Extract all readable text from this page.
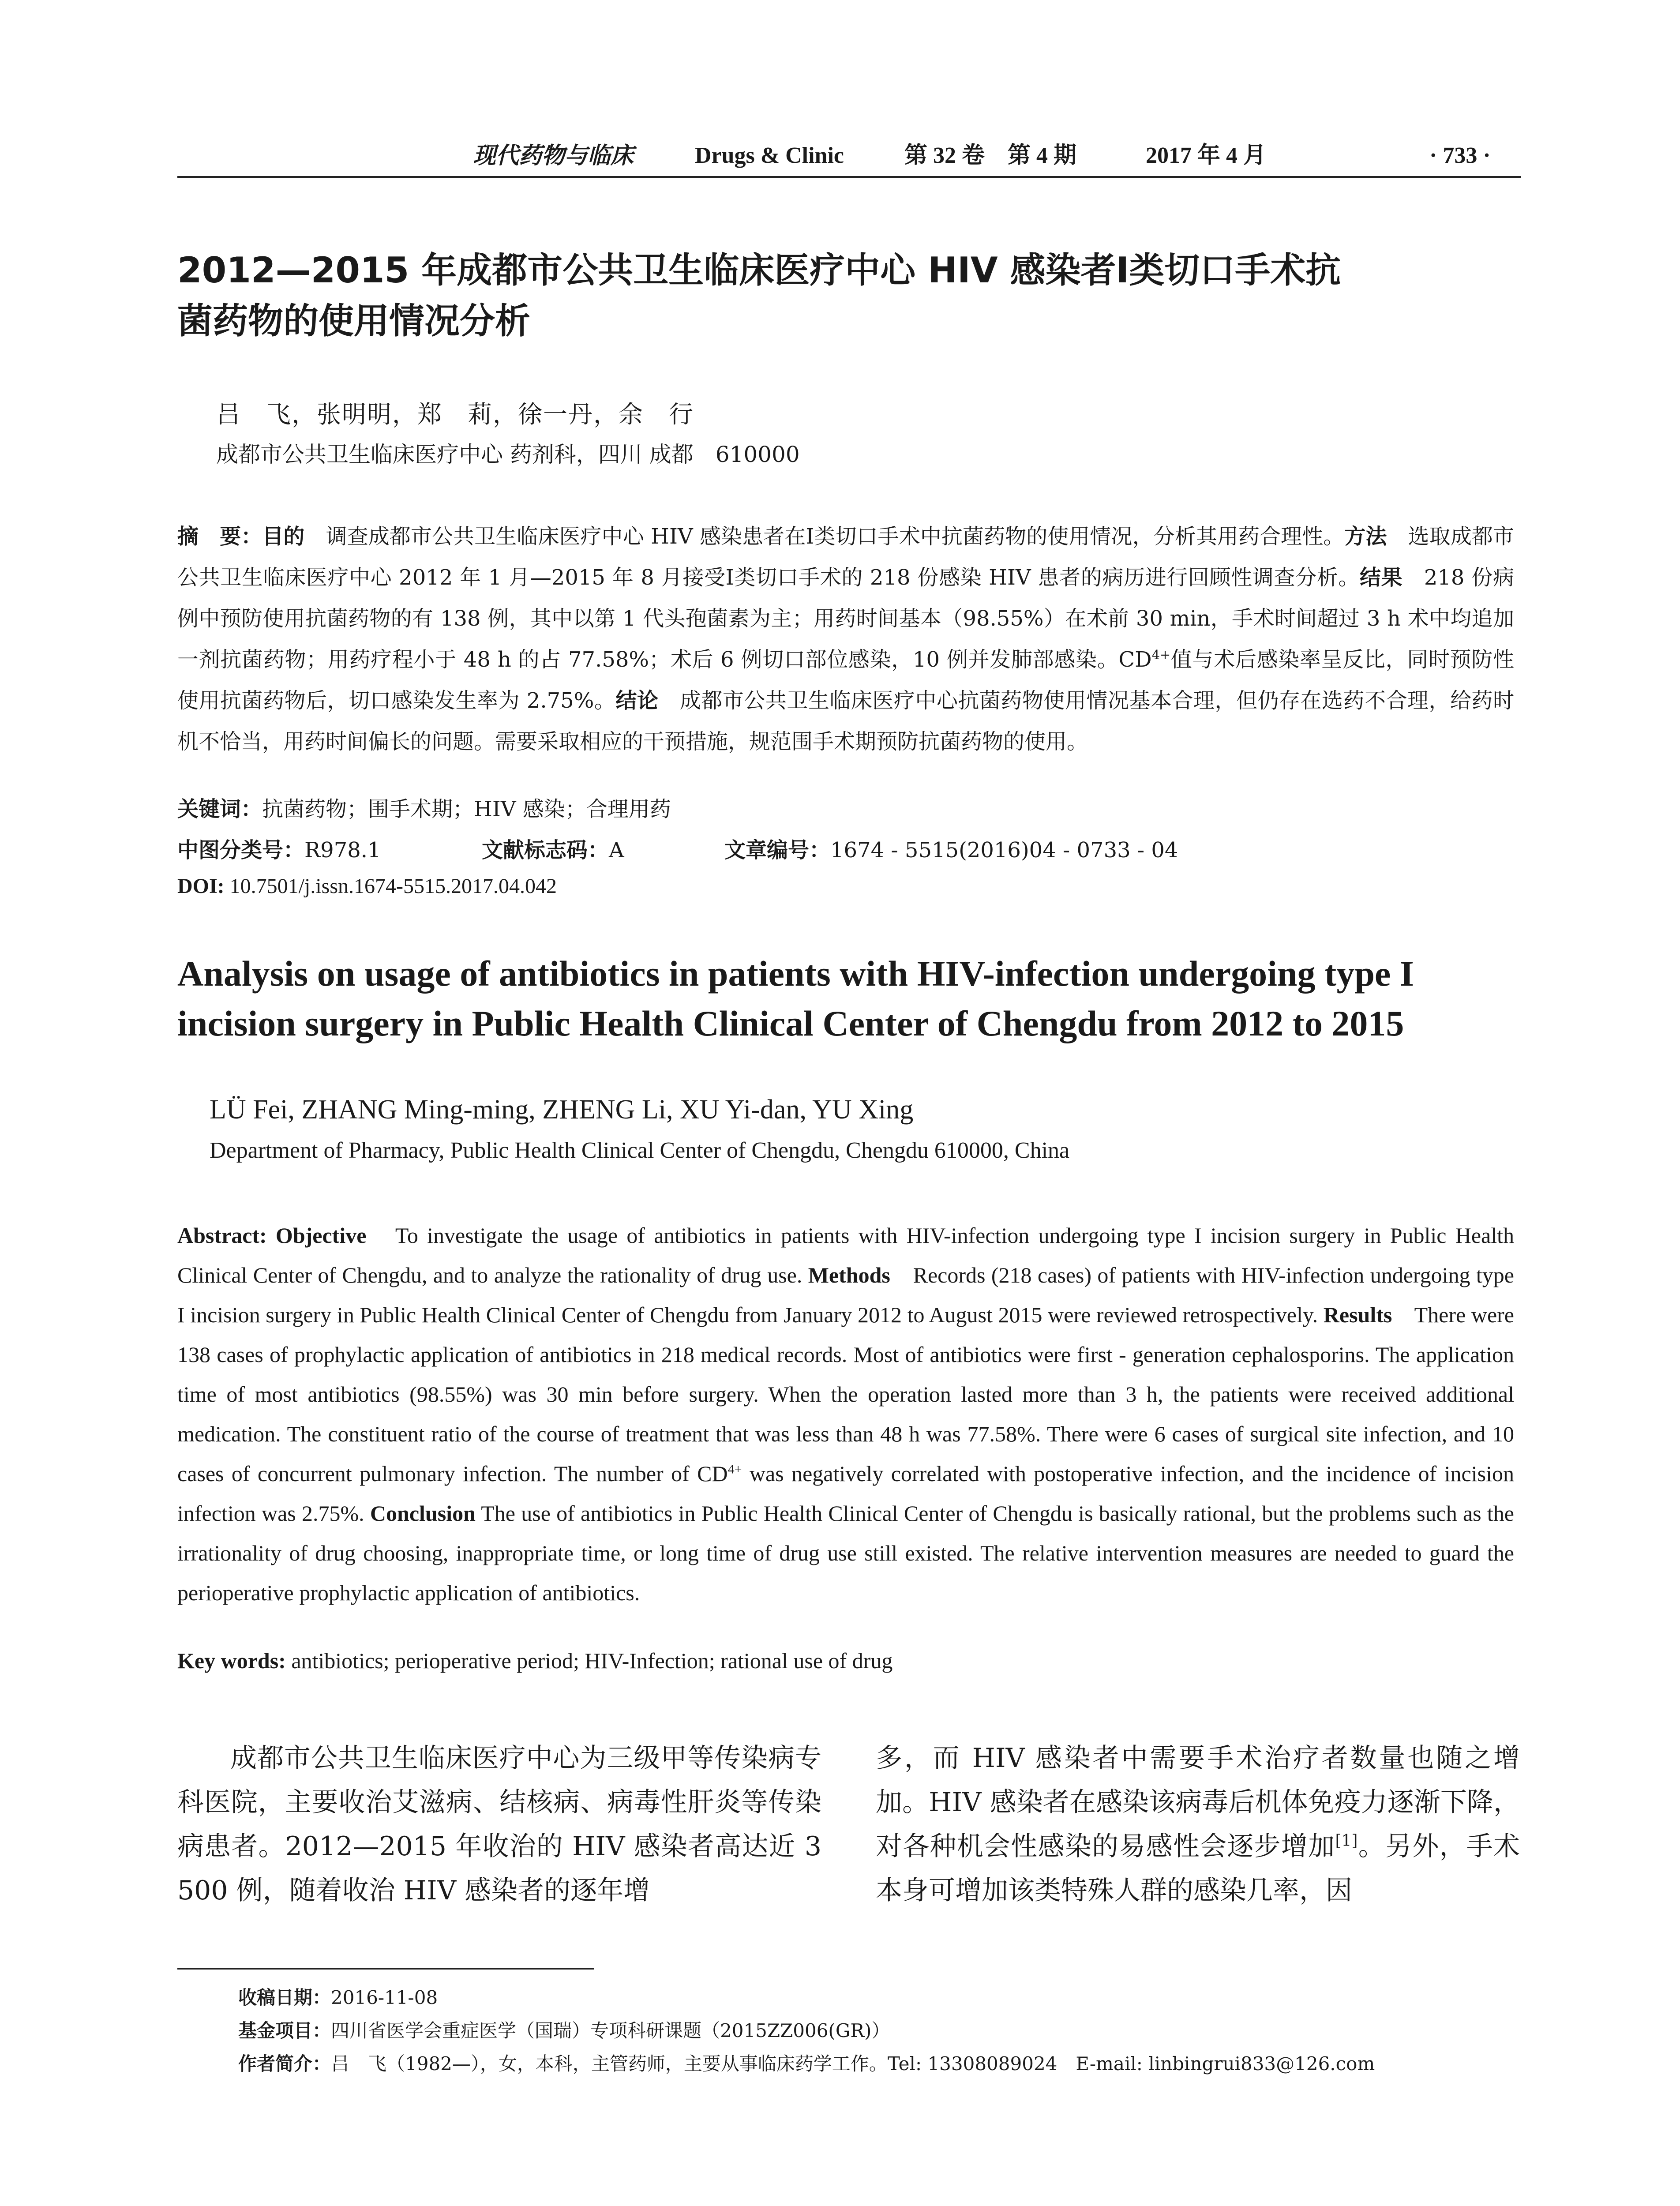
现代药物与临床	Drugs & Clinic	第 32 卷　第 4 期	2017 年 4 月	· 733 ·
2012—2015 年成都市公共卫生临床医疗中心 HIV 感染者Ⅰ类切口手术抗
菌药物的使用情况分析
吕　飞，张明明，郑　莉，徐一丹，余　行
成都市公共卫生临床医疗中心 药剂科，四川 成都　610000
摘　要：目的　调查成都市公共卫生临床医疗中心 HIV 感染患者在Ⅰ类切口手术中抗菌药物的使用情况，分析其用药合理性。方法　选取成都市公共卫生临床医疗中心 2012 年 1 月—2015 年 8 月接受Ⅰ类切口手术的 218 份感染 HIV 患者的病历进行回顾性调查分析。结果　218 份病例中预防使用抗菌药物的有 138 例，其中以第 1 代头孢菌素为主；用药时间基本（98.55%）在术前 30 min，手术时间超过 3 h 术中均追加一剂抗菌药物；用药疗程小于 48 h 的占 77.58%；术后 6 例切口部位感染，10 例并发肺部感染。$CD^{4+}$值与术后感染率呈反比，同时预防性使用抗菌药物后，切口感染发生率为 2.75%。结论　成都市公共卫生临床医疗中心抗菌药物使用情况基本合理，但仍存在选药不合理，给药时机不恰当，用药时间偏长的问题。需要采取相应的干预措施，规范围手术期预防抗菌药物的使用。
关键词：抗菌药物；围手术期；HIV 感染；合理用药
中图分类号：R978.1	文献标志码：A	文章编号：1674 - 5515(2016)04 - 0733 - 04
DOI: 10.7501/j.issn.1674-5515.2017.04.042
Analysis on usage of antibiotics in patients with HIV-infection undergoing type I
incision surgery in Public Health Clinical Center of Chengdu from 2012 to 2015
LÜ Fei, ZHANG Ming-ming, ZHENG Li, XU Yi-dan, YU Xing
Department of Pharmacy, Public Health Clinical Center of Chengdu, Chengdu 610000, China
Abstract: Objective　To investigate the usage of antibiotics in patients with HIV-infection undergoing type I incision surgery in Public Health Clinical Center of Chengdu, and to analyze the rationality of drug use. Methods　Records (218 cases) of patients with HIV-infection undergoing type I incision surgery in Public Health Clinical Center of Chengdu from January 2012 to August 2015 were reviewed retrospectively. Results　There were 138 cases of prophylactic application of antibiotics in 218 medical records. Most of antibiotics were first - generation cephalosporins. The application time of most antibiotics (98.55%) was 30 min before surgery. When the operation lasted more than 3 h, the patients were received additional medication. The constituent ratio of the course of treatment that was less than 48 h was 77.58%. There were 6 cases of surgical site infection, and 10 cases of concurrent pulmonary infection. The number of $CD^{4+}$ was negatively correlated with postoperative infection, and the incidence of incision infection was 2.75%. Conclusion The use of antibiotics in Public Health Clinical Center of Chengdu is basically rational, but the problems such as the irrationality of drug choosing, inappropriate time, or long time of drug use still existed. The relative intervention measures are needed to guard the perioperative prophylactic application of antibiotics.
Key words: antibiotics; perioperative period; HIV-Infection; rational use of drug
成都市公共卫生临床医疗中心为三级甲等传染病专科医院，主要收治艾滋病、结核病、病毒性肝炎等传染病患者。2012—2015 年收治的 HIV 感染者高达近 3 500 例，随着收治 HIV 感染者的逐年增
多，而 HIV 感染者中需要手术治疗者数量也随之增加。HIV 感染者在感染该病毒后机体免疫力逐渐下降，对各种机会性感染的易感性会逐步增加[1]。另外，手术本身可增加该类特殊人群的感染几率，因
收稿日期：2016-11-08
基金项目：四川省医学会重症医学（国瑞）专项科研课题（2015ZZ006(GR)）
作者简介：吕　飞（1982—），女，本科，主管药师，主要从事临床药学工作。Tel: 13308089024　E-mail: linbingrui833@126.com
